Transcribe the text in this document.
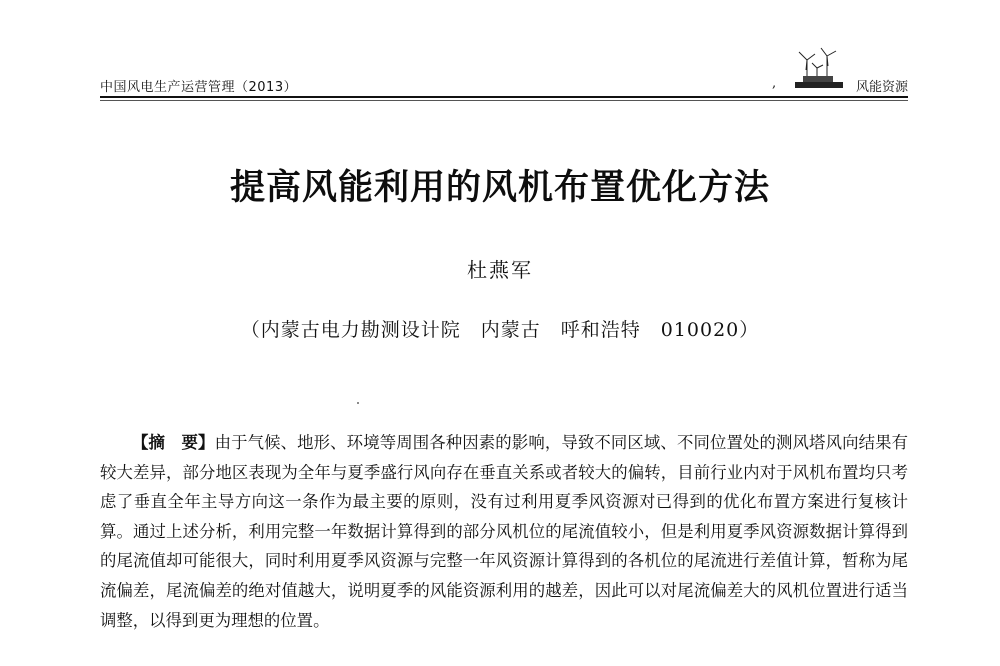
中国风电生产运营管理（2013）	,	风能资源
提高风能利用的风机布置优化方法
杜燕军
（内蒙古电力勘测设计院　内蒙古　呼和浩特　010020）

【摘　要】由于气候、地形、环境等周围各种因素的影响，导致不同区域、不同位置处的测风塔风向结果有较大差异，部分地区表现为全年与夏季盛行风向存在垂直关系或者较大的偏转，目前行业内对于风机布置均只考虑了垂直全年主导方向这一条作为最主要的原则，没有过利用夏季风资源对已得到的优化布置方案进行复核计算。通过上述分析，利用完整一年数据计算得到的部分风机位的尾流值较小，但是利用夏季风资源数据计算得到的尾流值却可能很大，同时利用夏季风资源与完整一年风资源计算得到的各机位的尾流进行差值计算，暂称为尾流偏差，尾流偏差的绝对值越大，说明夏季的风能资源利用的越差，因此可以对尾流偏差大的风机位置进行适当调整，以得到更为理想的位置。
